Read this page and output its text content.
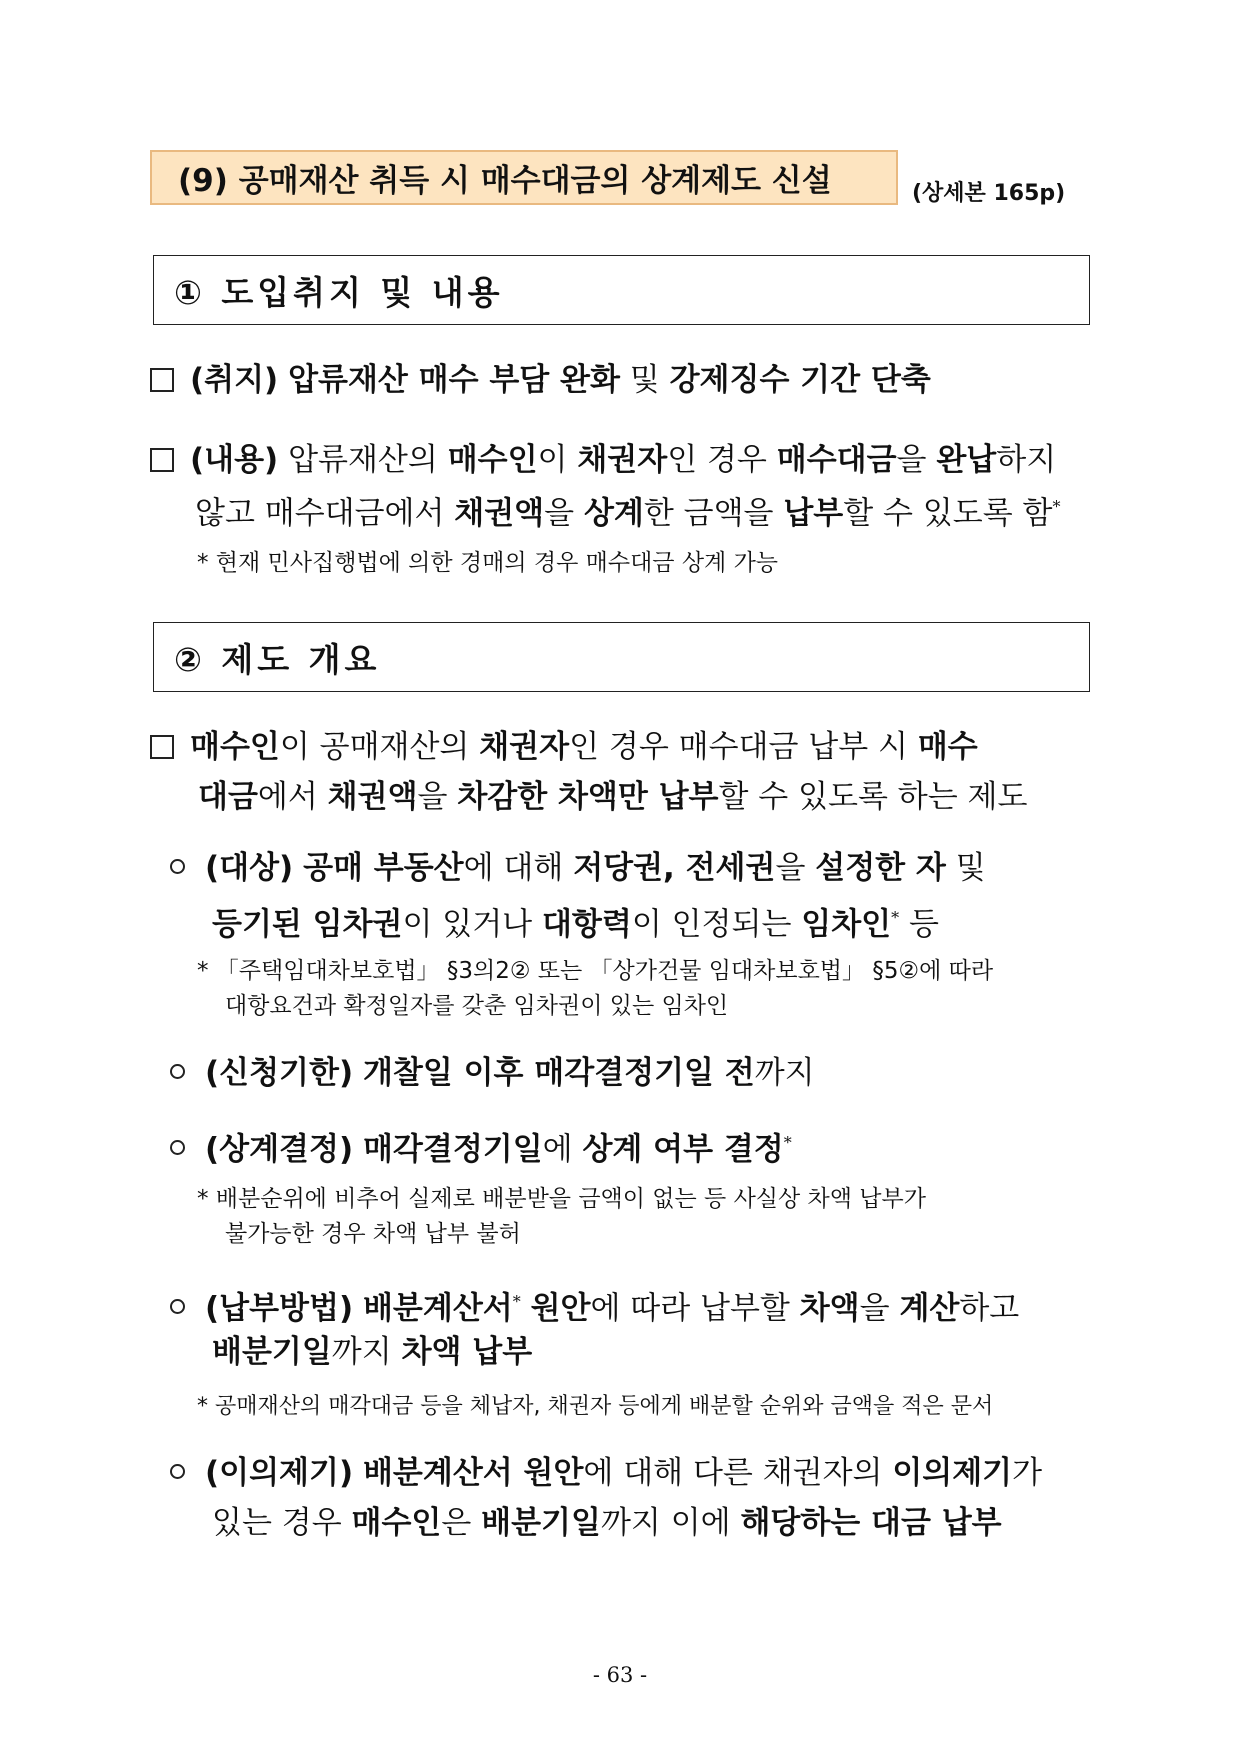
(9) 공매재산 취득 시 매수대금의 상계제도 신설	(상세본 165p)
① 도입취지 및 내용
(취지) 압류재산 매수 부담 완화 및 강제징수 기간 단축
(내용) 압류재산의 매수인이 채권자인 경우 매수대금을 완납하지
않고 매수대금에서 채권액을 상계한 금액을 납부할 수 있도록 함*
* 현재 민사집행법에 의한 경매의 경우 매수대금 상계 가능
② 제도 개요
매수인이 공매재산의 채권자인 경우 매수대금 납부 시 매수
대금에서 채권액을 차감한 차액만 납부할 수 있도록 하는 제도
(대상) 공매 부동산에 대해 저당권, 전세권을 설정한 자 및
등기된 임차권이 있거나 대항력이 인정되는 임차인* 등
* 「주택임대차보호법」 §3의2② 또는 「상가건물 임대차보호법」 §5②에 따라
대항요건과 확정일자를 갖춘 임차권이 있는 임차인
(신청기한) 개찰일 이후 매각결정기일 전까지
(상계결정) 매각결정기일에 상계 여부 결정*
* 배분순위에 비추어 실제로 배분받을 금액이 없는 등 사실상 차액 납부가
불가능한 경우 차액 납부 불허
(납부방법) 배분계산서* 원안에 따라 납부할 차액을 계산하고
배분기일까지 차액 납부
* 공매재산의 매각대금 등을 체납자, 채권자 등에게 배분할 순위와 금액을 적은 문서
(이의제기) 배분계산서 원안에 대해 다른 채권자의 이의제기가
있는 경우 매수인은 배분기일까지 이에 해당하는 대금 납부
- 63 -
